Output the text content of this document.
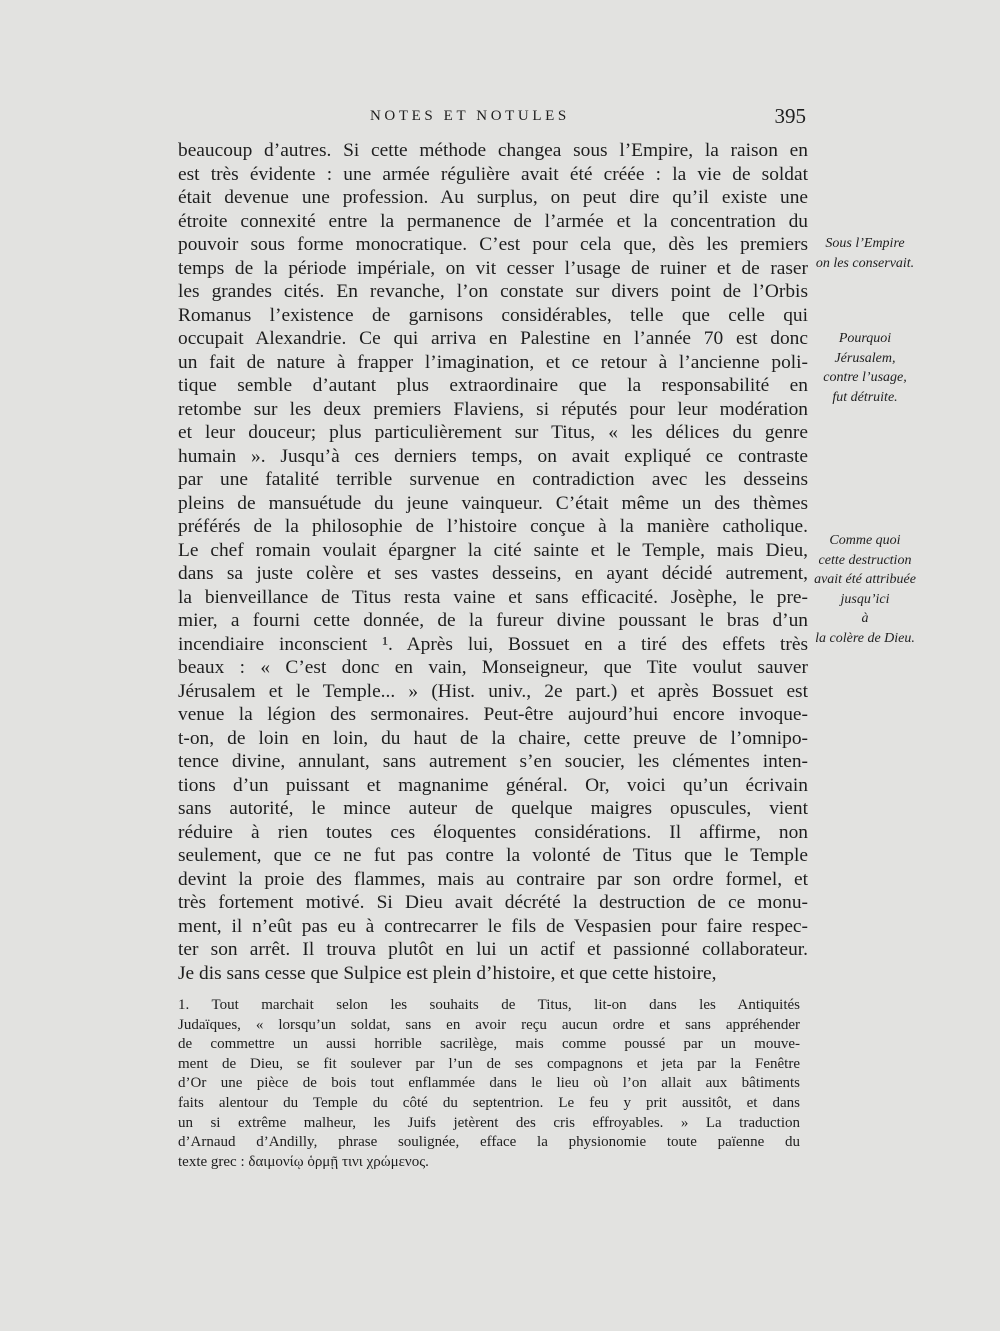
NOTES ET NOTULES	395
beaucoup d’autres. Si cette méthode changea sous l’Empire, la raison en
est très évidente : une armée régulière avait été créée : la vie de soldat
était devenue une profession. Au surplus, on peut dire qu’il existe une
étroite connexité entre la permanence de l’armée et la concentration du
pouvoir sous forme monocratique. C’est pour cela que, dès les premiers
temps de la période impériale, on vit cesser l’usage de ruiner et de raser
les grandes cités. En revanche, l’on constate sur divers point de l’Orbis
Romanus l’existence de garnisons considérables, telle que celle qui
occupait Alexandrie. Ce qui arriva en Palestine en l’année 70 est donc
un fait de nature à frapper l’imagination, et ce retour à l’ancienne poli-
tique semble d’autant plus extraordinaire que la responsabilité en
retombe sur les deux premiers Flaviens, si réputés pour leur modération
et leur douceur; plus particulièrement sur Titus, « les délices du genre
humain ». Jusqu’à ces derniers temps, on avait expliqué ce contraste
par une fatalité terrible survenue en contradiction avec les desseins
pleins de mansuétude du jeune vainqueur. C’était même un des thèmes
préférés de la philosophie de l’histoire conçue à la manière catholique.
Le chef romain voulait épargner la cité sainte et le Temple, mais Dieu,
dans sa juste colère et ses vastes desseins, en ayant décidé autrement,
la bienveillance de Titus resta vaine et sans efficacité. Josèphe, le pre-
mier, a fourni cette donnée, de la fureur divine poussant le bras d’un
incendiaire inconscient ¹. Après lui, Bossuet en a tiré des effets très
beaux : « C’est donc en vain, Monseigneur, que Tite voulut sauver
Jérusalem et le Temple... » (Hist. univ., 2e part.) et après Bossuet est
venue la légion des sermonaires. Peut-être aujourd’hui encore invoque-
t-on, de loin en loin, du haut de la chaire, cette preuve de l’omnipo-
tence divine, annulant, sans autrement s’en soucier, les clémentes inten-
tions d’un puissant et magnanime général. Or, voici qu’un écrivain
sans autorité, le mince auteur de quelque maigres opuscules, vient
réduire à rien toutes ces éloquentes considérations. Il affirme, non
seulement, que ce ne fut pas contre la volonté de Titus que le Temple
devint la proie des flammes, mais au contraire par son ordre formel, et
très fortement motivé. Si Dieu avait décrété la destruction de ce monu-
ment, il n’eût pas eu à contrecarrer le fils de Vespasien pour faire respec-
ter son arrêt. Il trouva plutôt en lui un actif et passionné collaborateur.
Je dis sans cesse que Sulpice est plein d’histoire, et que cette histoire,
Sous l’Empire
on les conservait.
Pourquoi
Jérusalem,
contre l’usage,
fut détruite.
Comme quoi
cette destruction
avait été attribuée
jusqu’ici
à
la colère de Dieu.
1. Tout marchait selon les souhaits de Titus, lit-on dans les Antiquités
Judaïques, « lorsqu’un soldat, sans en avoir reçu aucun ordre et sans appréhender
de commettre un aussi horrible sacrilège, mais comme poussé par un mouve-
ment de Dieu, se fit soulever par l’un de ses compagnons et jeta par la Fenêtre
d’Or une pièce de bois tout enflammée dans le lieu où l’on allait aux bâtiments
faits alentour du Temple du côté du septentrion. Le feu y prit aussitôt, et dans
un si extrême malheur, les Juifs jetèrent des cris effroyables. » La traduction
d’Arnaud d’Andilly, phrase soulignée, efface la physionomie toute païenne du
texte grec : δαιμονίῳ ὁρμῇ τινι χρώμενος.
